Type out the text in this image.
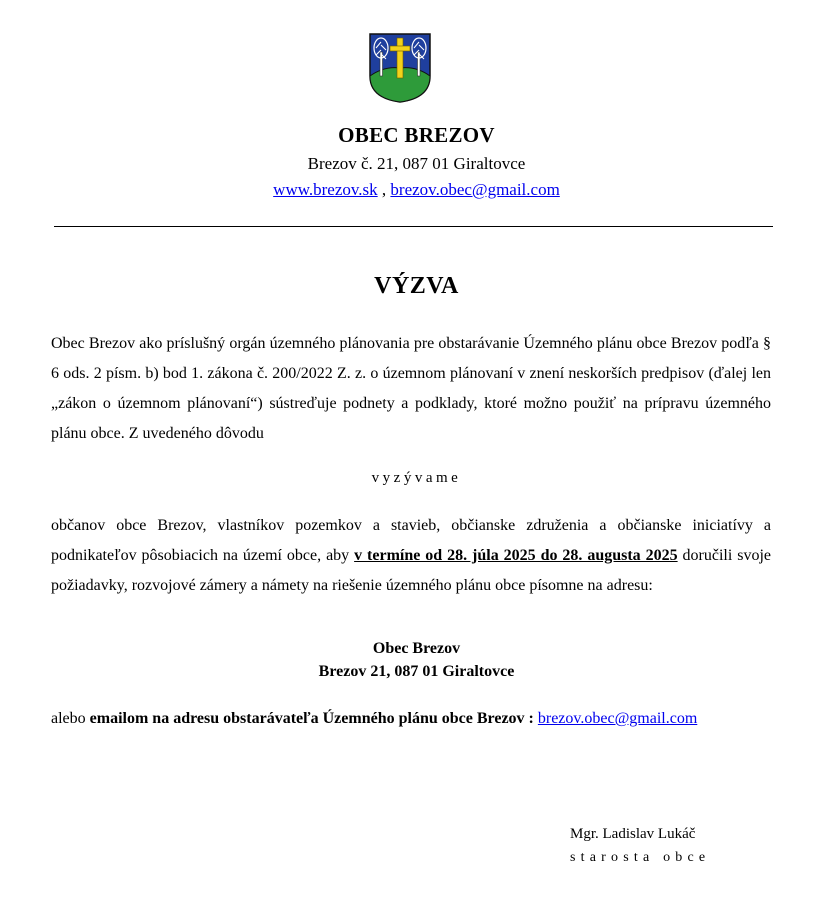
OBEC BREZOV
Brezov č. 21, 087 01 Giraltovce
www.brezov.sk , brezov.obec@gmail.com
VÝZVA
Obec Brezov ako príslušný orgán územného plánovania pre obstarávanie Územného plánu obce Brezov podľa § 6 ods. 2 písm. b) bod 1. zákona č. 200/2022 Z. z. o územnom plánovaní v znení neskorších predpisov (ďalej len „zákon o územnom plánovaní“) sústreďuje podnety a podklady, ktoré možno použiť na prípravu územného plánu obce. Z uvedeného dôvodu
vyzývame
občanov obce Brezov, vlastníkov pozemkov a stavieb, občianske združenia a občianske iniciatívy a podnikateľov pôsobiacich na území obce, aby v termíne od 28. júla 2025 do 28. augusta 2025 doručili svoje požiadavky, rozvojové zámery a námety na riešenie územného plánu obce písomne na adresu:
Obec Brezov
Brezov 21, 087 01 Giraltovce
alebo emailom na adresu obstarávateľa Územného plánu obce Brezov : brezov.obec@gmail.com
Mgr. Ladislav Lukáč
starosta obce
